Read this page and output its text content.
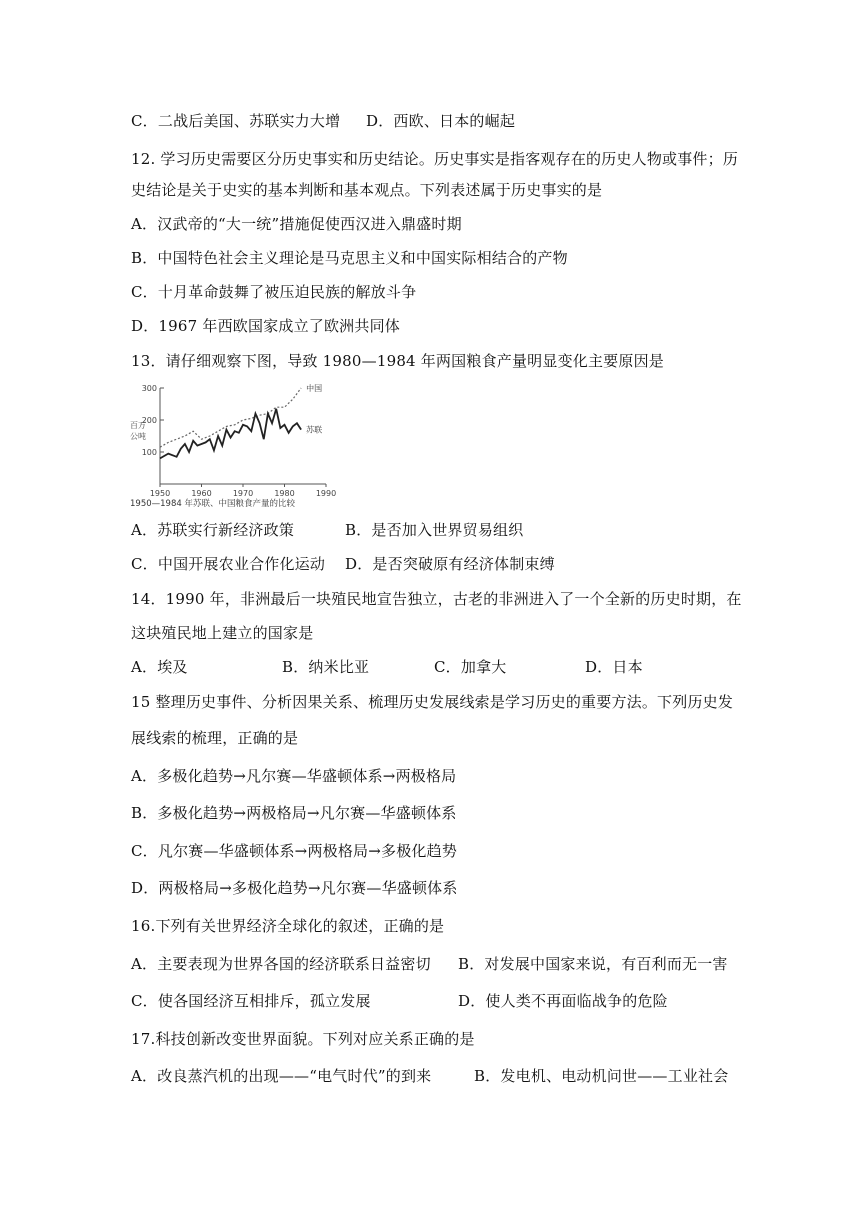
C．二战后美国、苏联实力大增 D．西欧、日本的崛起
12. 学习历史需要区分历史事实和历史结论。历史事实是指客观存在的历史人物或事件；历
史结论是关于史实的基本判断和基本观点。下列表述属于历史事实的是
A．汉武帝的“大一统”措施促使西汉进入鼎盛时期
B．中国特色社会主义理论是马克思主义和中国实际相结合的产物
C．十月革命鼓舞了被压迫民族的解放斗争
D．1967 年西欧国家成立了欧洲共同体
13．请仔细观察下图，导致 1980—1984 年两国粮食产量明显变化主要原因是
100
200
300
1950	1960	1970	1980	1990
百万
公吨
中国
苏联
1950—1984 年苏联、中国粮食产量的比较
A．苏联实行新经济政策	B．是否加入世界贸易组织
C．中国开展农业合作化运动 D．是否突破原有经济体制束缚
14．1990 年，非洲最后一块殖民地宣告独立，古老的非洲进入了一个全新的历史时期，在
这块殖民地上建立的国家是
A．埃及	B．纳米比亚	C．加拿大	D．日本
15 整理历史事件、分析因果关系、梳理历史发展线索是学习历史的重要方法。下列历史发
展线索的梳理，正确的是
A．多极化趋势→凡尔赛—华盛顿体系→两极格局
B．多极化趋势→两极格局→凡尔赛—华盛顿体系
C．凡尔赛—华盛顿体系→两极格局→多极化趋势
D．两极格局→多极化趋势→凡尔赛—华盛顿体系
16.下列有关世界经济全球化的叙述，正确的是
A．主要表现为世界各国的经济联系日益密切 B．对发展中国家来说，有百利而无一害
C．使各国经济互相排斥，孤立发展	D．使人类不再面临战争的危险
17.科技创新改变世界面貌。下列对应关系正确的是
A．改良蒸汽机的出现——“电气时代”的到来	B．发电机、电动机问世——工业社会
